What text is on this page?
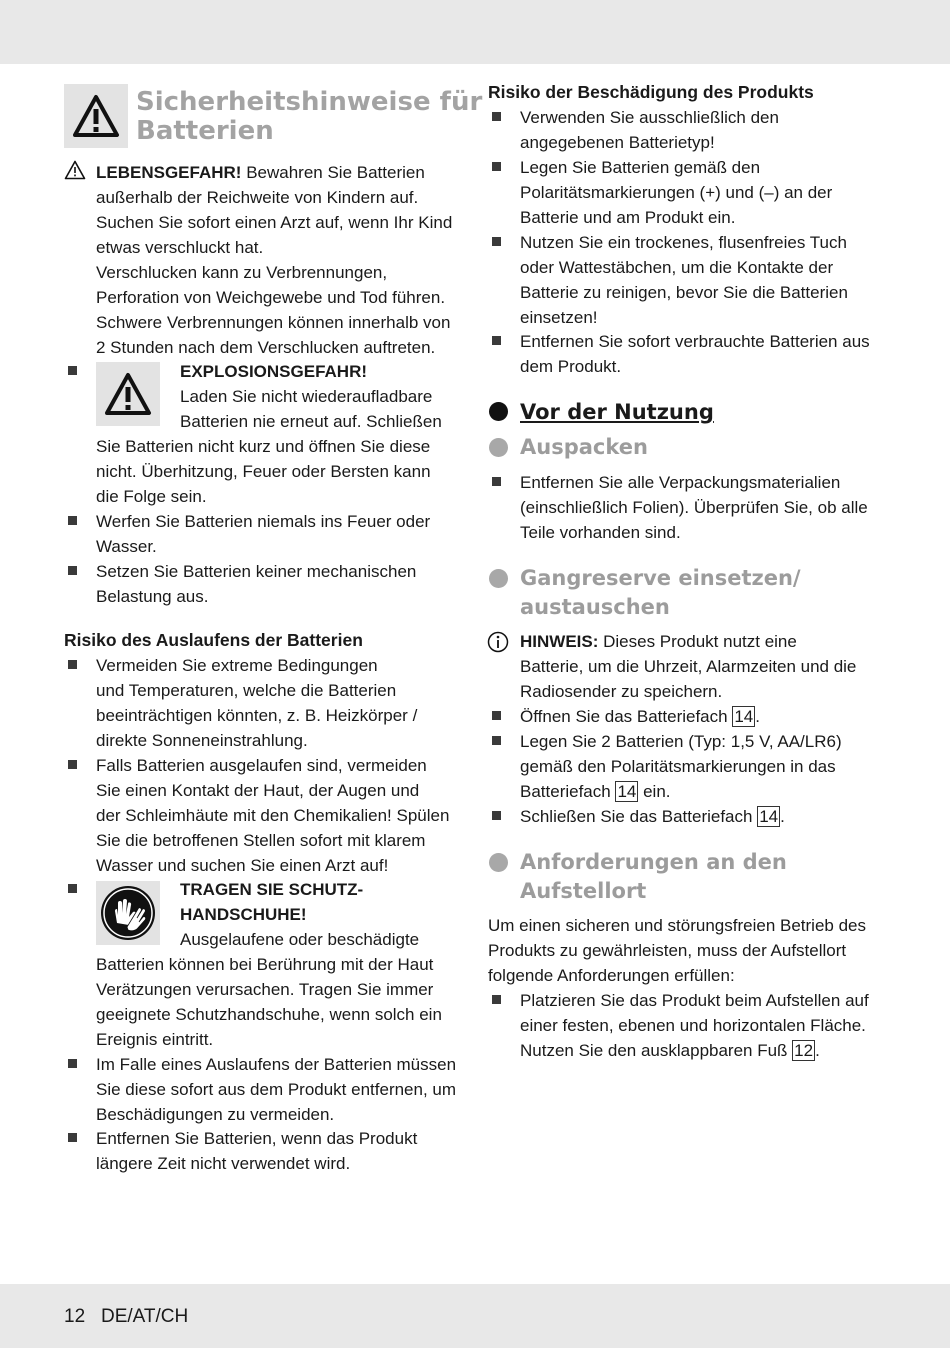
Sicherheitshinweise für
Batterien
LEBENSGEFAHR! Bewahren Sie Batterien
außerhalb der Reichweite von Kindern auf.
Suchen Sie sofort einen Arzt auf, wenn Ihr Kind
etwas verschluckt hat.
Verschlucken kann zu Verbrennungen,
Perforation von Weichgewebe und Tod führen.
Schwere Verbrennungen können innerhalb von
2 Stunden nach dem Verschlucken auftreten.
EXPLOSIONSGEFAHR!
Laden Sie nicht wiederaufladbare
Batterien nie erneut auf. Schließen
Sie Batterien nicht kurz und öffnen Sie diese
nicht. Überhitzung, Feuer oder Bersten kann
die Folge sein.
Werfen Sie Batterien niemals ins Feuer oder
Wasser.
Setzen Sie Batterien keiner mechanischen
Belastung aus.
Risiko des Auslaufens der Batterien
Vermeiden Sie extreme Bedingungen
und Temperaturen, welche die Batterien
beeinträchtigen könnten, z. B. Heizkörper /
direkte Sonneneinstrahlung.
Falls Batterien ausgelaufen sind, vermeiden
Sie einen Kontakt der Haut, der Augen und
der Schleimhäute mit den Chemikalien! Spülen
Sie die betroffenen Stellen sofort mit klarem
Wasser und suchen Sie einen Arzt auf!
TRAGEN SIE SCHUTZ-
HANDSCHUHE!
Ausgelaufene oder beschädigte
Batterien können bei Berührung mit der Haut
Verätzungen verursachen. Tragen Sie immer
geeignete Schutzhandschuhe, wenn solch ein
Ereignis eintritt.
Im Falle eines Auslaufens der Batterien müssen
Sie diese sofort aus dem Produkt entfernen, um
Beschädigungen zu vermeiden.
Entfernen Sie Batterien, wenn das Produkt
längere Zeit nicht verwendet wird.
Risiko der Beschädigung des Produkts
Verwenden Sie ausschließlich den
angegebenen Batterietyp!
Legen Sie Batterien gemäß den
Polaritätsmarkierungen (+) und (–) an der
Batterie und am Produkt ein.
Nutzen Sie ein trockenes, flusenfreies Tuch
oder Wattestäbchen, um die Kontakte der
Batterie zu reinigen, bevor Sie die Batterien
einsetzen!
Entfernen Sie sofort verbrauchte Batterien aus
dem Produkt.
Vor der Nutzung
Auspacken
Entfernen Sie alle Verpackungsmaterialien
(einschließlich Folien). Überprüfen Sie, ob alle
Teile vorhanden sind.
Gangreserve einsetzen/
austauschen
HINWEIS: Dieses Produkt nutzt eine
Batterie, um die Uhrzeit, Alarmzeiten und die
Radiosender zu speichern.
Öffnen Sie das Batteriefach 14 .
Legen Sie 2 Batterien (Typ: 1,5 V, AA/LR6)
gemäß den Polaritätsmarkierungen in das
Batteriefach 14 ein.
Schließen Sie das Batteriefach 14 .
Anforderungen an den
Aufstellort
Um einen sicheren und störungsfreien Betrieb des
Produkts zu gewährleisten, muss der Aufstellort
folgende Anforderungen erfüllen:
Platzieren Sie das Produkt beim Aufstellen auf
einer festen, ebenen und horizontalen Fläche.
Nutzen Sie den ausklappbaren Fuß 12 .
12 DE/AT/CH
